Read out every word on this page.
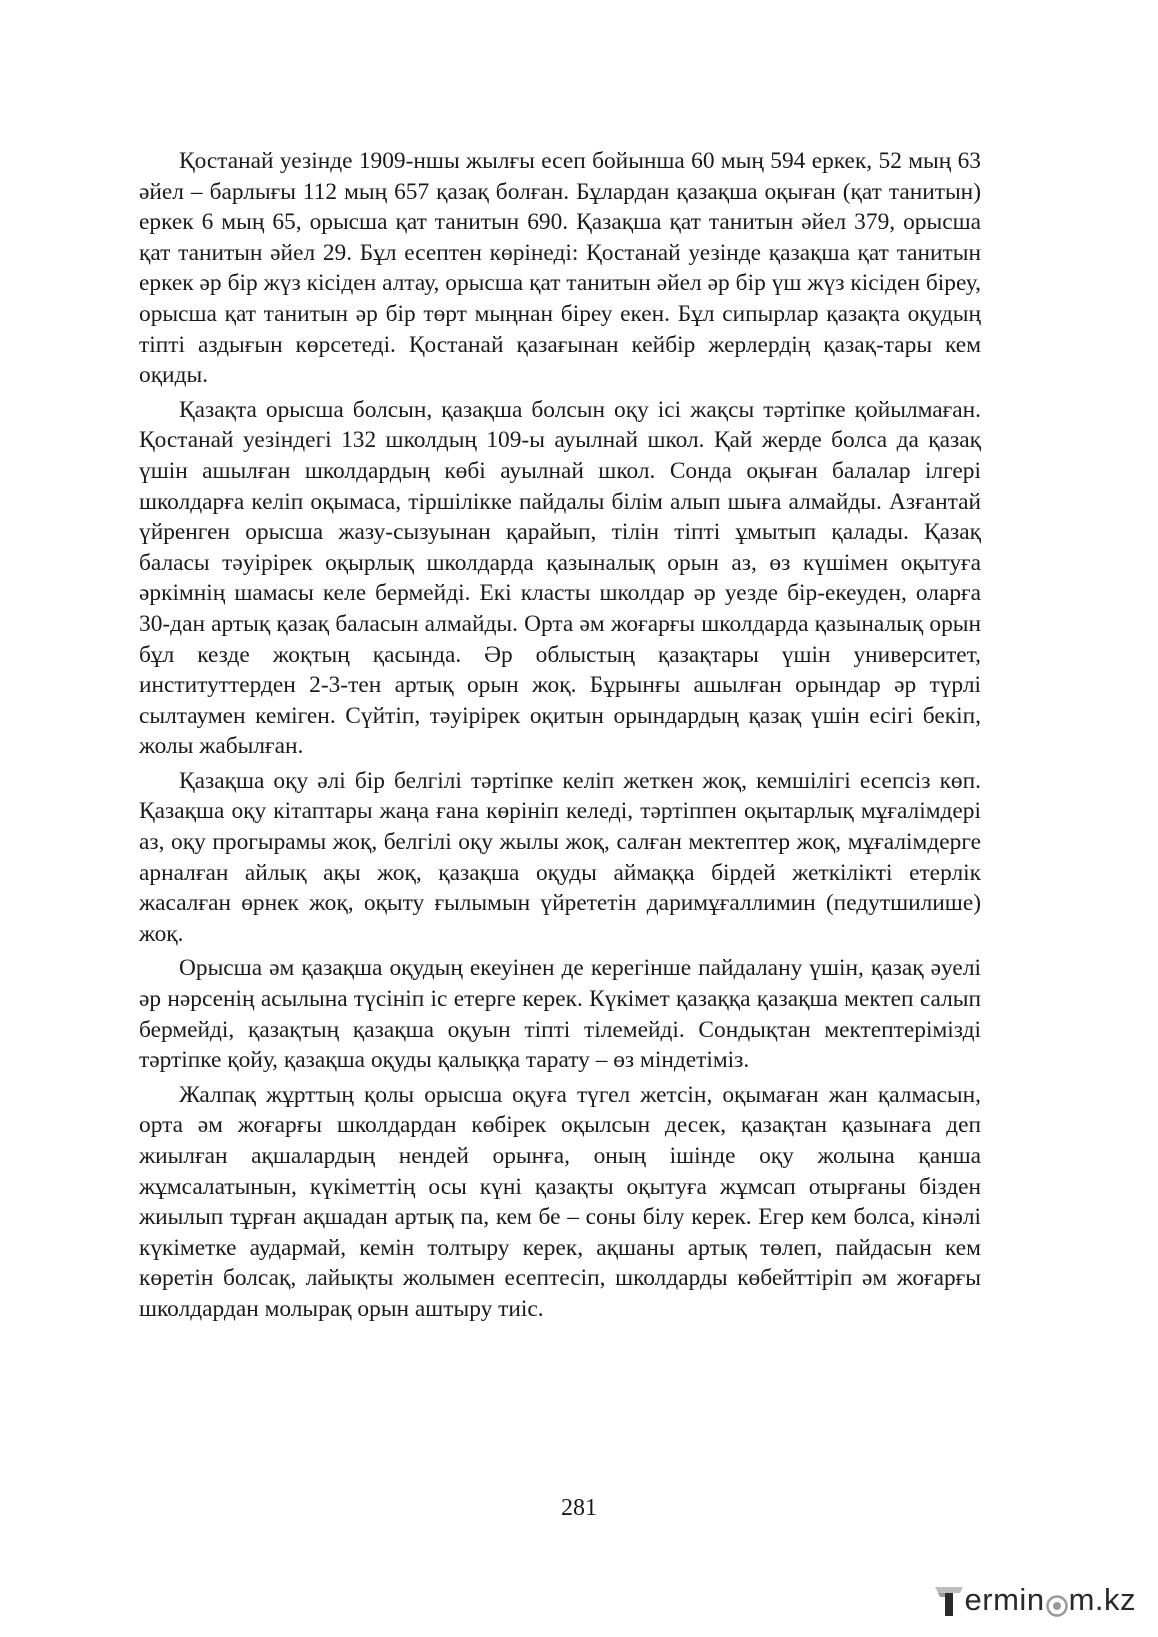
Қостанай уезінде 1909-ншы жылғы есеп бойынша 60 мың 594 еркек, 52 мың 63 әйел – барлығы 112 мың 657 қазақ болған. Бұлардан қазақша оқыған (қат танитын) еркек 6 мың 65, орысша қат танитын 690. Қазақша қат танитын әйел 379, орысша қат танитын әйел 29. Бұл есептен көрінеді: Қостанай уезінде қазақша қат танитын еркек әр бір жүз кісіден алтау, орысша қат танитын әйел әр бір үш жүз кісіден біреу, орысша қат танитын әр бір төрт мыңнан біреу екен. Бұл сипырлар қазақта оқудың тіпті аздығын көрсетеді. Қостанай қазағынан кейбір жерлердің қазақ-тары кем оқиды.

Қазақта орысша болсын, қазақша болсын оқу ісі жақсы тәртіпке қойылмаған. Қостанай уезіндегі 132 школдың 109-ы ауылнай школ. Қай жерде болса да қазақ үшін ашылған школдардың көбі ауылнай школ. Сонда оқыған балалар ілгері школдарға келіп оқымаса, тіршілікке пайдалы білім алып шыға алмайды. Азғантай үйренген орысша жазу-сызуынан қарайып, тілін тіпті ұмытып қалады. Қазақ баласы тәуірірек оқырлық школдарда қазыналық орын аз, өз күшімен оқытуға әркімнің шамасы келе бермейді. Екі класты школдар әр уезде бір-екеуден, оларға 30-дан артық қазақ баласын алмайды. Орта әм жоғарғы школдарда қазыналық орын бұл кезде жоқтың қасында. Әр облыстың қазақтары үшін университет, институттерден 2-3-тен артық орын жоқ. Бұрынғы ашылған орындар әр түрлі сылтаумен кеміген. Сүйтіп, тәуірірек оқитын орындардың қазақ үшін есігі бекіп, жолы жабылған.

Қазақша оқу әлі бір белгілі тәртіпке келіп жеткен жоқ, кемшілігі есепсіз көп. Қазақша оқу кітаптары жаңа ғана көрініп келеді, тәртіппен оқытарлық мұғалімдері аз, оқу прогырамы жоқ, белгілі оқу жылы жоқ, салған мектептер жоқ, мұғалімдерге арналған айлық ақы жоқ, қазақша оқуды аймаққа бірдей жеткілікті етерлік жасалған өрнек жоқ, оқыту ғылымын үйрететін даримұғаллимин (педутшилише) жоқ.

Орысша әм қазақша оқудың екеуінен де керегінше пайдалану үшін, қазақ әуелі әр нәрсенің асылына түсініп іс етерге керек. Күкімет қазаққа қазақша мектеп салып бермейді, қазақтың қазақша оқуын тіпті тілемейді. Сондықтан мектептерімізді тәртіпке қойу, қазақша оқуды қалыққа тарату – өз міндетіміз.

Жалпақ жұрттың қолы орысша оқуға түгел жетсін, оқымаған жан қалмасын, орта әм жоғарғы школдардан көбірек оқылсын десек, қазақтан қазынаға деп жиылған ақшалардың нендей орынға, оның ішінде оқу жолына қанша жұмсалатынын, күкіметтің осы күні қазақты оқытуға жұмсап отырғаны бізден жиылып тұрған ақшадан артық па, кем бе – соны білу керек. Егер кем болса, кінәлі күкіметке аудармай, кемін толтыру керек, ақшаны артық төлеп, пайдасын кем көретін болсақ, лайықты жолымен есептесіп, школдарды көбейттіріп әм жоғарғы школдардан молырақ орын аштыру тиіс.

281
ermin m.kz
